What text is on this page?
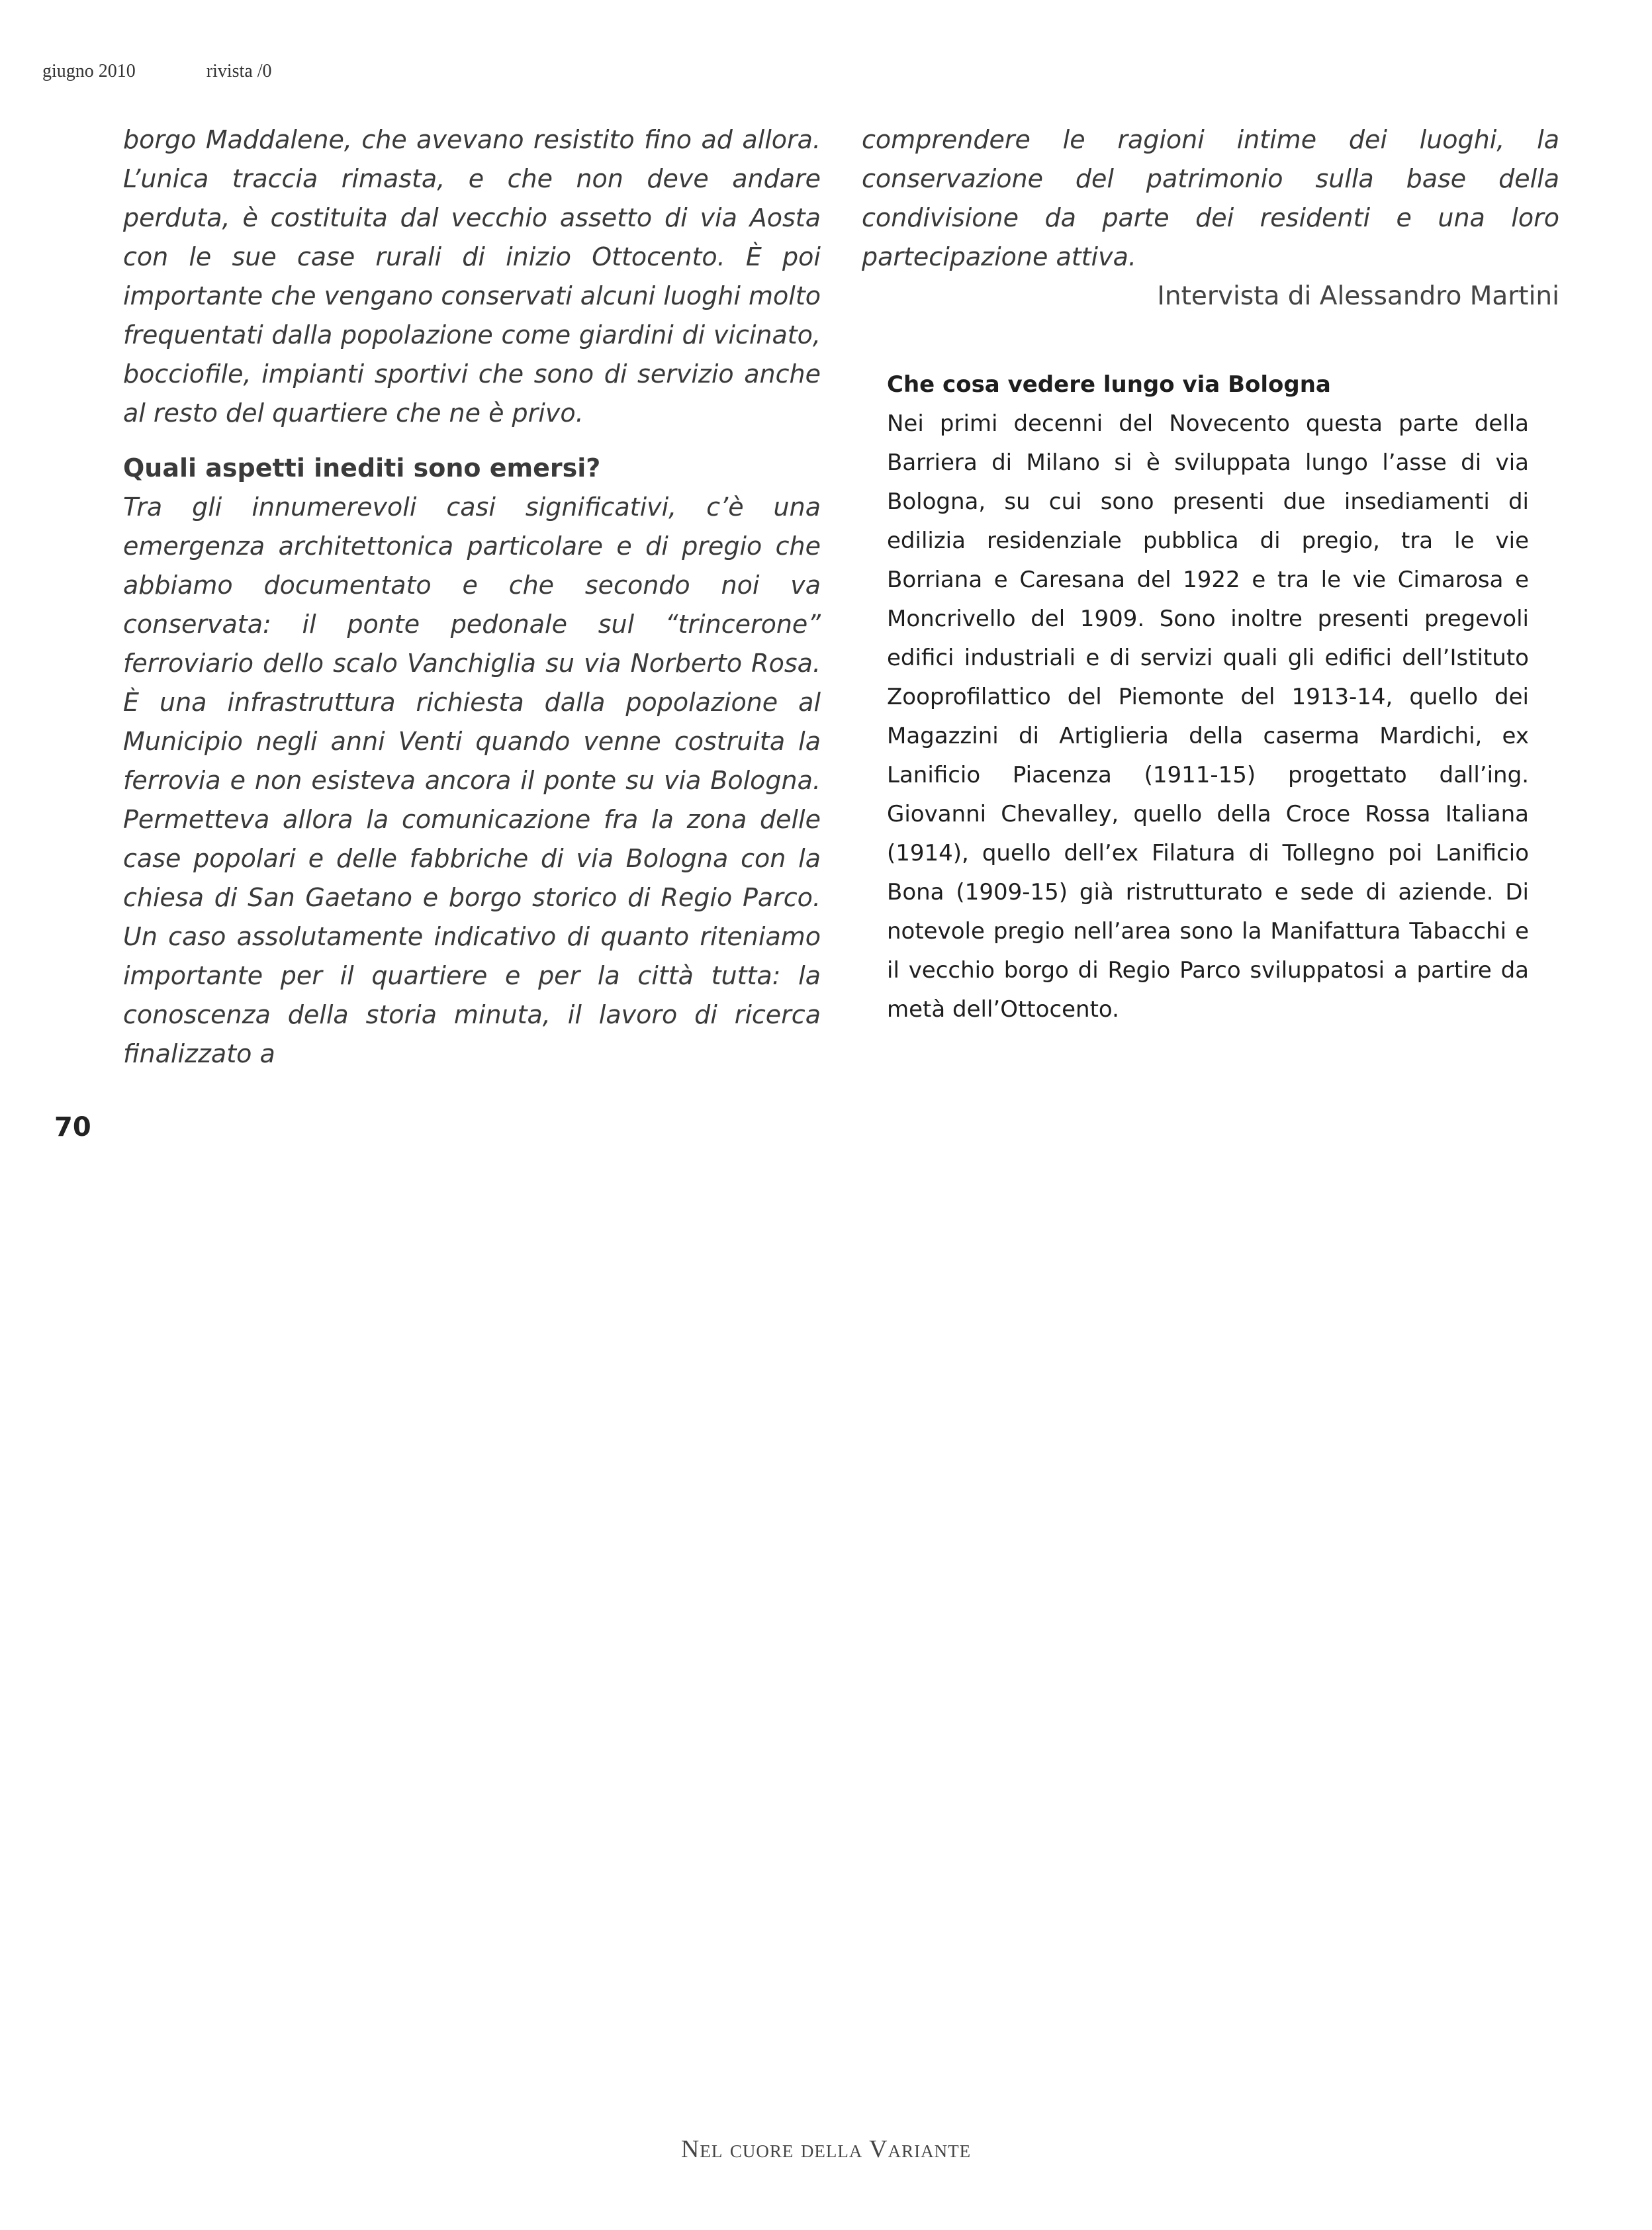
giugno 2010	rivista /0

borgo Maddalene, che avevano resistito fino ad allora. L’unica traccia rimasta, e che non deve andare perduta, è costituita dal vecchio assetto di via Aosta con le sue case rurali di inizio Ottocento. È poi importante che vengano conservati alcuni luoghi molto frequentati dalla popolazione come giardini di vicinato, bocciofile, impianti sportivi che sono di servizio anche al resto del quartiere che ne è privo.

Quali aspetti inediti sono emersi?

Tra gli innumerevoli casi significativi, c’è una emergenza architettonica particolare e di pregio che abbiamo documentato e che secondo noi va conservata: il ponte pedonale sul “trincerone” ferroviario dello scalo Vanchiglia su via Norberto Rosa. È una infrastruttura richiesta dalla popolazione al Municipio negli anni Venti quando venne costruita la ferrovia e non esisteva ancora il ponte su via Bologna. Permetteva allora la comunicazione fra la zona delle case popolari e delle fabbriche di via Bologna con la chiesa di San Gaetano e borgo storico di Regio Parco. Un caso assolutamente indicativo di quanto riteniamo importante per il quartiere e per la città tutta: la conoscenza della storia minuta, il lavoro di ricerca finalizzato a

comprendere le ragioni intime dei luoghi, la conservazione del patrimonio sulla base della condivisione da parte dei residenti e una loro partecipazione attiva.

Intervista di Alessandro Martini
Che cosa vedere lungo via Bologna

Nei primi decenni del Novecento questa parte della Barriera di Milano si è sviluppata lungo l’asse di via Bologna, su cui sono presenti due insediamenti di edilizia residenziale pubblica di pregio, tra le vie Borriana e Caresana del 1922 e tra le vie Cimarosa e Moncrivello del 1909. Sono inoltre presenti pregevoli edifici industriali e di servizi quali gli edifici dell’Istituto Zooprofilattico del Piemonte del 1913-14, quello dei Magazzini di Artiglieria della caserma Mardichi, ex Lanificio Piacenza (1911-15) progettato dall’ing. Giovanni Chevalley, quello della Croce Rossa Italiana (1914), quello dell’ex Filatura di Tollegno poi Lanificio Bona (1909-15) già ristrutturato e sede di aziende. Di notevole pregio nell’area sono la Manifattura Tabacchi e il vecchio borgo di Regio Parco sviluppatosi a partire da metà dell’Ottocento.

70
Nel cuore della Variante
